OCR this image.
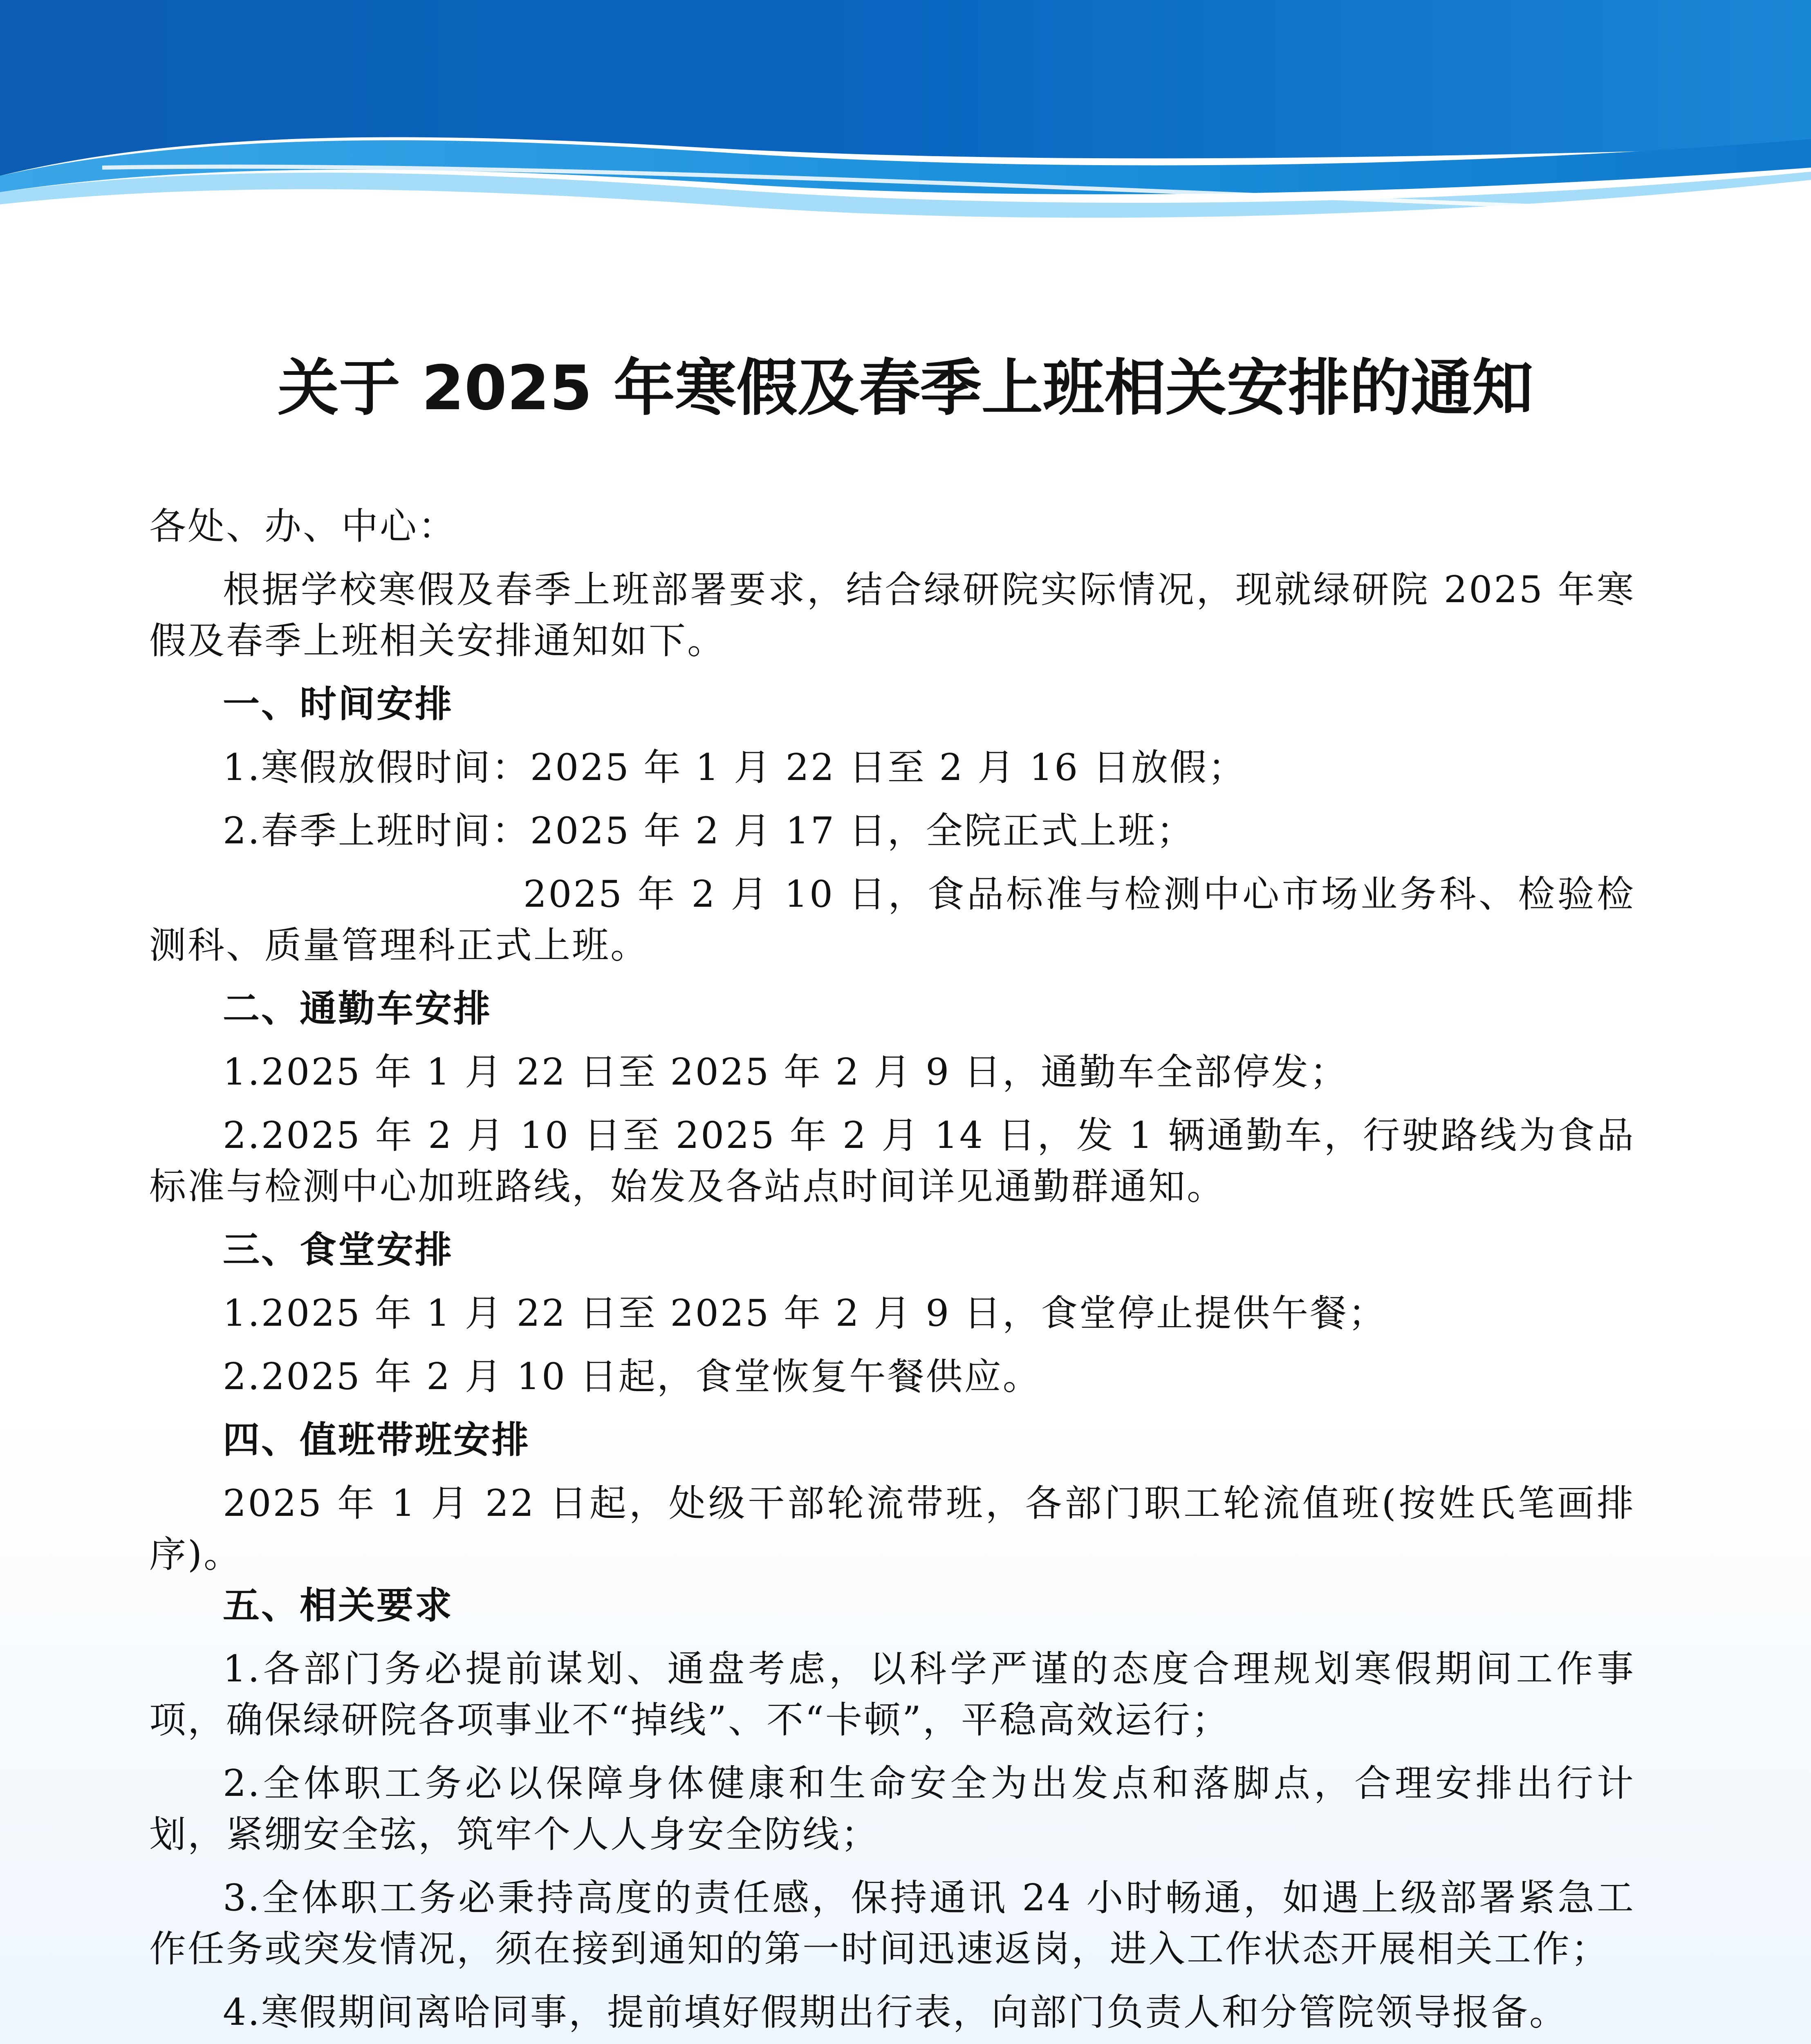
关于 2025 年寒假及春季上班相关安排的通知

各处、办、中心：

根据学校寒假及春季上班部署要求，结合绿研院实际情况，现就绿研院 2025 年寒假及春季上班相关安排通知如下。

一、时间安排

1.寒假放假时间：2025 年 1 月 22 日至 2 月 16 日放假；

2.春季上班时间：2025 年 2 月 17 日，全院正式上班；

2025 年 2 月 10 日，食品标准与检测中心市场业务科、检验检测科、质量管理科正式上班。

二、通勤车安排

1.2025 年 1 月 22 日至 2025 年 2 月 9 日，通勤车全部停发；

2.2025 年 2 月 10 日至 2025 年 2 月 14 日，发 1 辆通勤车，行驶路线为食品标准与检测中心加班路线，始发及各站点时间详见通勤群通知。

三、食堂安排

1.2025 年 1 月 22 日至 2025 年 2 月 9 日，食堂停止提供午餐；

2.2025 年 2 月 10 日起，食堂恢复午餐供应。

四、值班带班安排

2025 年 1 月 22 日起，处级干部轮流带班，各部门职工轮流值班(按姓氏笔画排序)。

五、相关要求

1.各部门务必提前谋划、通盘考虑，以科学严谨的态度合理规划寒假期间工作事项，确保绿研院各项事业不“掉线”、不“卡顿”，平稳高效运行；

2.全体职工务必以保障身体健康和生命安全为出发点和落脚点，合理安排出行计划，紧绷安全弦，筑牢个人人身安全防线；

3.全体职工务必秉持高度的责任感，保持通讯 24 小时畅通，如遇上级部署紧急工作任务或突发情况，须在接到通知的第一时间迅速返岗，进入工作状态开展相关工作；

4.寒假期间离哈同事，提前填好假期出行表，向部门负责人和分管院领导报备。
